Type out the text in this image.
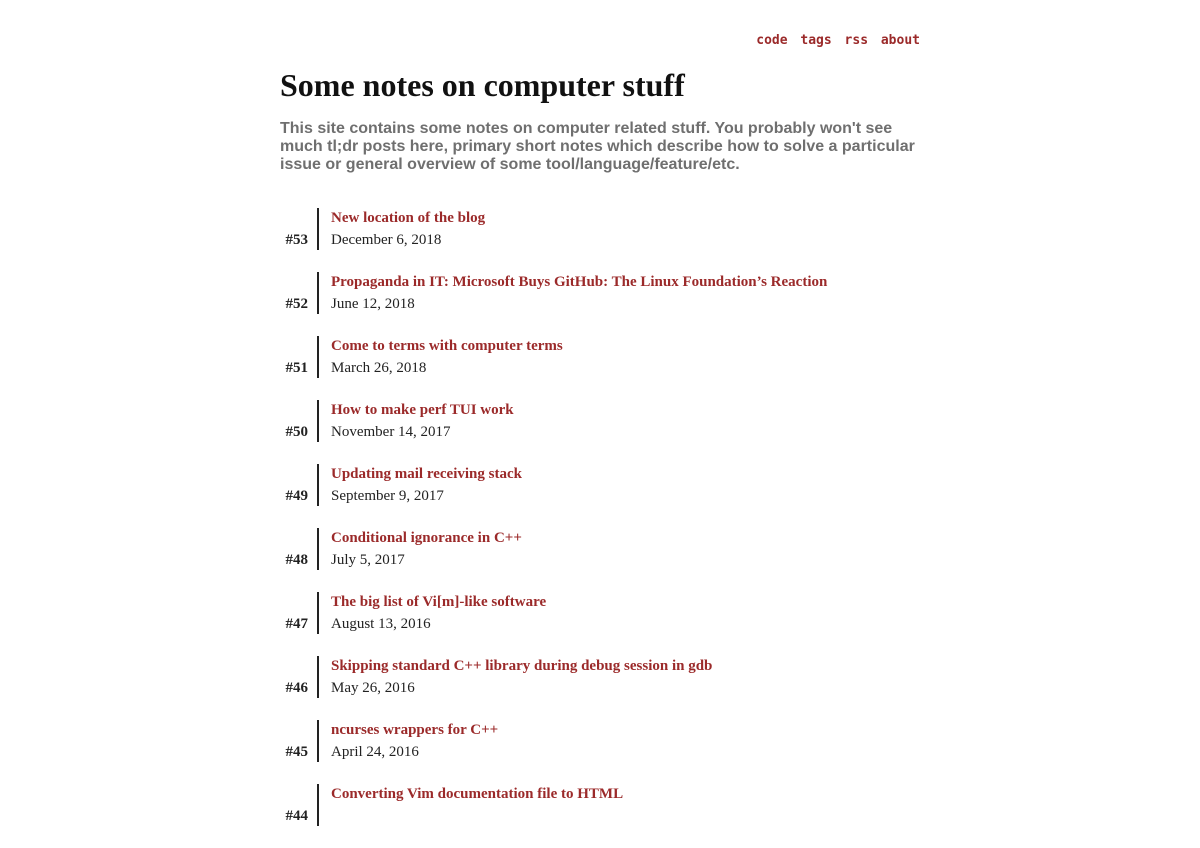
code tags rss about
Some notes on computer stuff

This site contains some notes on computer related stuff. You probably won't see much tl;dr posts here, primary short notes which describe how to solve a particular issue or general overview of some tool/language/feature/etc.

#53
New location of the blog
December 6, 2018
#52
Propaganda in IT: Microsoft Buys GitHub: The Linux Foundation’s Reaction
June 12, 2018
#51
Come to terms with computer terms
March 26, 2018
#50
How to make perf TUI work
November 14, 2017
#49
Updating mail receiving stack
September 9, 2017
#48
Conditional ignorance in C++
July 5, 2017
#47
The big list of Vi[m]-like software
August 13, 2016
#46
Skipping standard C++ library during debug session in gdb
May 26, 2016
#45
ncurses wrappers for C++
April 24, 2016
#44
Converting Vim documentation file to HTML
